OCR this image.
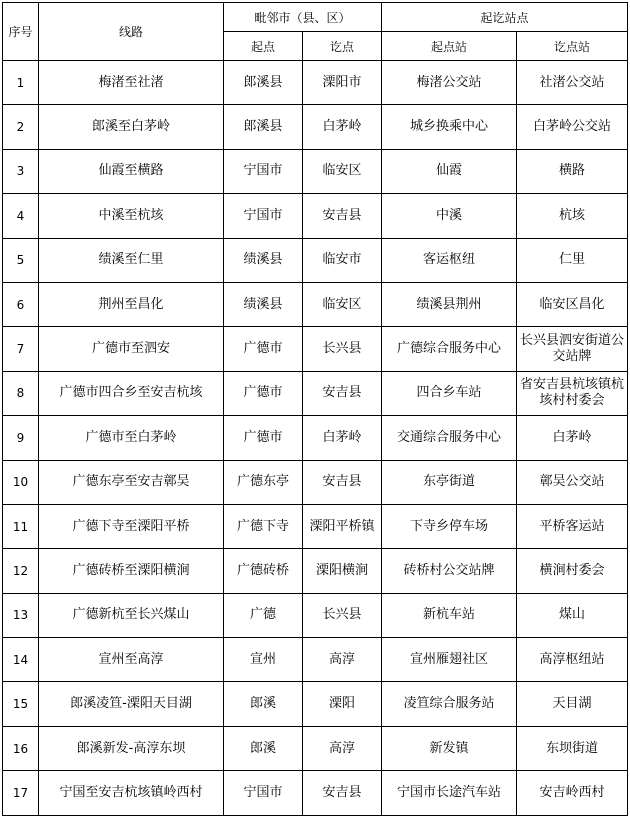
序号	线路	毗邻市（县、区）		起讫站点	
		起点	讫点	起点站	讫点站
1	梅渚至社渚	郎溪县	溧阳市	梅渚公交站	社渚公交站
2	郎溪至白茅岭	郎溪县	白茅岭	城乡换乘中心	白茅岭公交站
3	仙霞至横路	宁国市	临安区	仙霞	横路
4	中溪至杭垓	宁国市	安吉县	中溪	杭垓
5	绩溪至仁里	绩溪县	临安市	客运枢纽	仁里
6	荆州至昌化	绩溪县	临安区	绩溪县荆州	临安区昌化
7	广德市至泗安	广德市	长兴县	广德综合服务中心	长兴县泗安街道公交站牌
8	广德市四合乡至安吉杭垓	广德市	安吉县	四合乡车站	省安吉县杭垓镇杭垓村村委会
9	广德市至白茅岭	广德市	白茅岭	交通综合服务中心	白茅岭
10	广德东亭至安吉鄣吴	广德东亭	安吉县	东亭街道	鄣吴公交站
11	广德下寺至溧阳平桥	广德下寺	溧阳平桥镇	下寺乡停车场	平桥客运站
12	广德砖桥至溧阳横涧	广德砖桥	溧阳横涧	砖桥村公交站牌	横涧村委会
13	广德新杭至长兴煤山	广德	长兴县	新杭车站	煤山
14	宣州至高淳	宣州	高淳	宣州雁翅社区	高淳枢纽站
15	郎溪凌笪-溧阳天目湖	郎溪	溧阳	凌笪综合服务站	天目湖
16	郎溪新发-高淳东坝	郎溪	高淳	新发镇	东坝街道
17	宁国至安吉杭垓镇岭西村	宁国市	安吉县	宁国市长途汽车站	安吉岭西村
